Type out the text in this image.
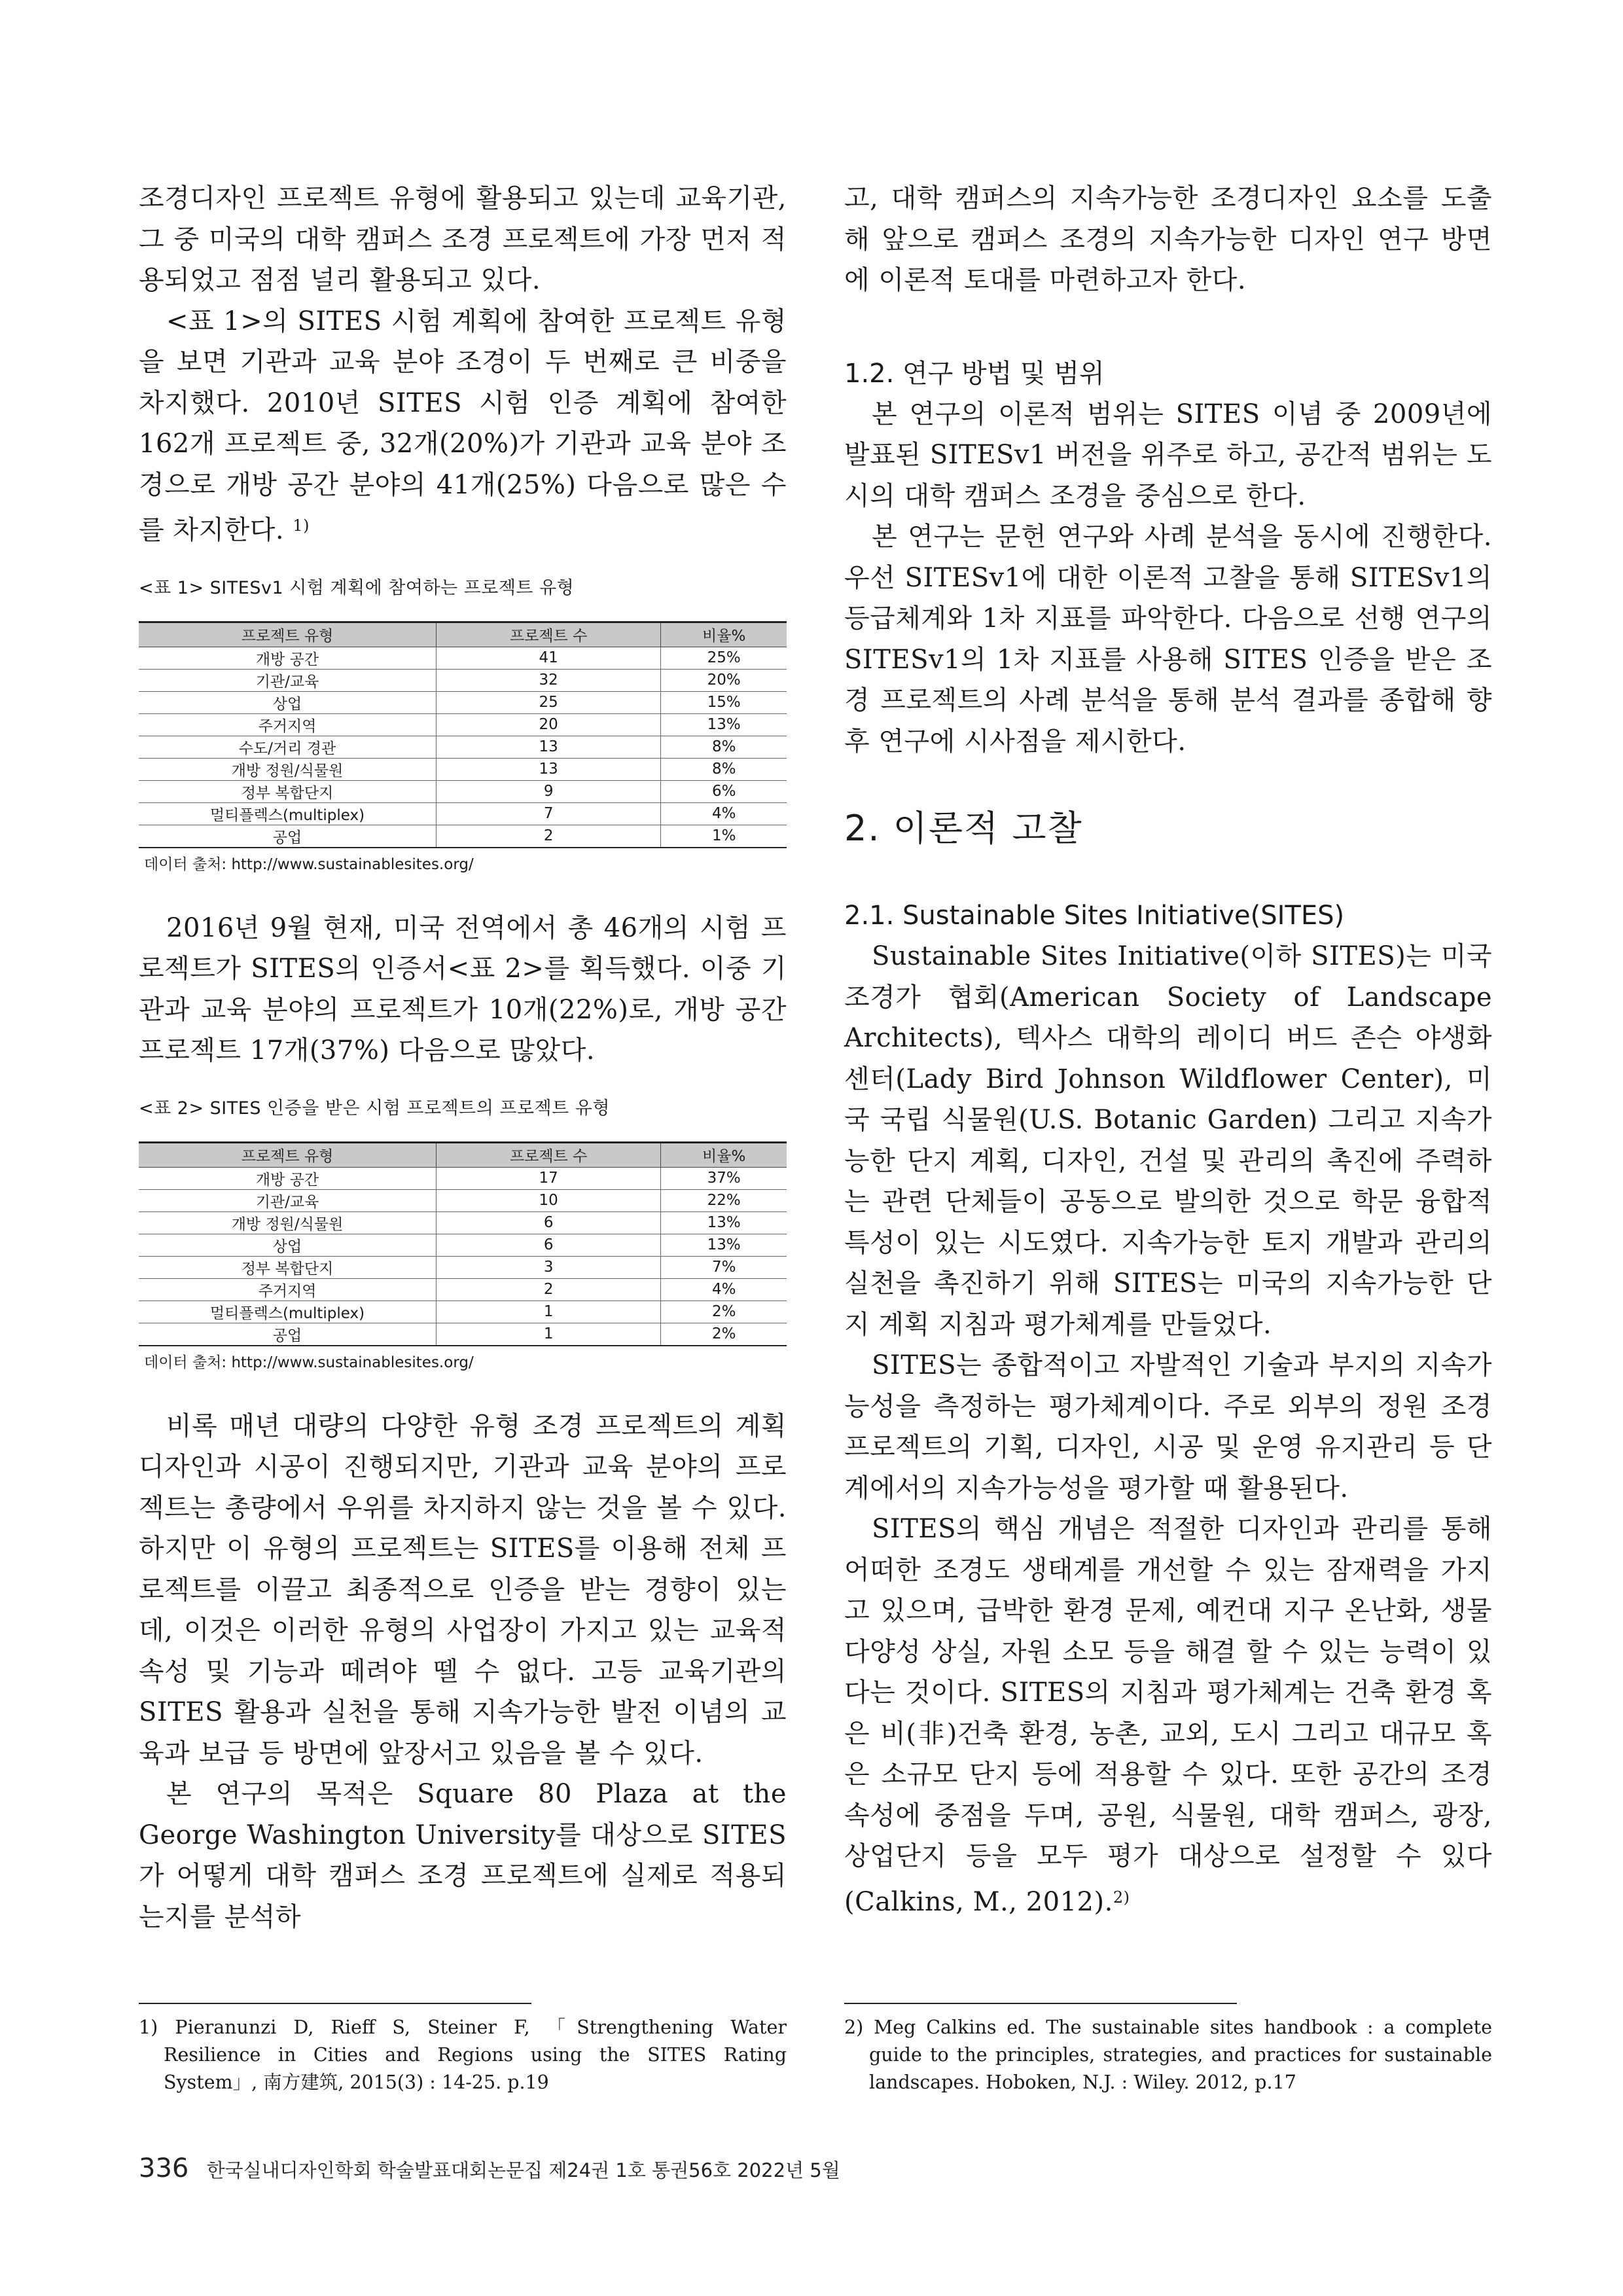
조경디자인 프로젝트 유형에 활용되고 있는데 교육기관, 그 중 미국의 대학 캠퍼스 조경 프로젝트에 가장 먼저 적용되었고 점점 널리 활용되고 있다.

<표 1>의 SITES 시험 계획에 참여한 프로젝트 유형을 보면 기관과 교육 분야 조경이 두 번째로 큰 비중을 차지했다. 2010년 SITES 시험 인증 계획에 참여한 162개 프로젝트 중, 32개(20%)가 기관과 교육 분야 조경으로 개방 공간 분야의 41개(25%) 다음으로 많은 수를 차지한다. $^{1)}$

<표 1> SITESv1 시험 계획에 참여하는 프로젝트 유형
프로젝트 유형	프로젝트 수	비율%
개방 공간	41	25%
기관/교육	32	20%
상업	25	15%
주거지역	20	13%
수도/거리 경관	13	8%
개방 정원/식물원	13	8%
정부 복합단지	9	6%
멀티플렉스(multiplex)	7	4%
공업	2	1%
데이터 출처: http://www.sustainablesites.org/

2016년 9월 현재, 미국 전역에서 총 46개의 시험 프로젝트가 SITES의 인증서<표 2>를 획득했다. 이중 기관과 교육 분야의 프로젝트가 10개(22%)로, 개방 공간 프로젝트 17개(37%) 다음으로 많았다.

<표 2> SITES 인증을 받은 시험 프로젝트의 프로젝트 유형
프로젝트 유형	프로젝트 수	비율%
개방 공간	17	37%
기관/교육	10	22%
개방 정원/식물원	6	13%
상업	6	13%
정부 복합단지	3	7%
주거지역	2	4%
멀티플렉스(multiplex)	1	2%
공업	1	2%
데이터 출처: http://www.sustainablesites.org/

비록 매년 대량의 다양한 유형 조경 프로젝트의 계획 디자인과 시공이 진행되지만, 기관과 교육 분야의 프로젝트는 총량에서 우위를 차지하지 않는 것을 볼 수 있다. 하지만 이 유형의 프로젝트는 SITES를 이용해 전체 프로젝트를 이끌고 최종적으로 인증을 받는 경향이 있는데, 이것은 이러한 유형의 사업장이 가지고 있는 교육적 속성 및 기능과 떼려야 뗄 수 없다. 고등 교육기관의 SITES 활용과 실천을 통해 지속가능한 발전 이념의 교육과 보급 등 방면에 앞장서고 있음을 볼 수 있다.

본 연구의 목적은 Square 80 Plaza at the George Washington University를 대상으로 SITES가 어떻게 대학 캠퍼스 조경 프로젝트에 실제로 적용되는지를 분석하

고, 대학 캠퍼스의 지속가능한 조경디자인 요소를 도출해 앞으로 캠퍼스 조경의 지속가능한 디자인 연구 방면에 이론적 토대를 마련하고자 한다.

1.2. 연구 방법 및 범위

본 연구의 이론적 범위는 SITES 이념 중 2009년에 발표된 SITESv1 버전을 위주로 하고, 공간적 범위는 도시의 대학 캠퍼스 조경을 중심으로 한다.

본 연구는 문헌 연구와 사례 분석을 동시에 진행한다. 우선 SITESv1에 대한 이론적 고찰을 통해 SITESv1의 등급체계와 1차 지표를 파악한다. 다음으로 선행 연구의 SITESv1의 1차 지표를 사용해 SITES 인증을 받은 조경 프로젝트의 사례 분석을 통해 분석 결과를 종합해 향후 연구에 시사점을 제시한다.

2. 이론적 고찰
2.1. Sustainable Sites Initiative(SITES)

Sustainable Sites Initiative(이하 SITES)는 미국 조경가 협회(American Society of Landscape Architects), 텍사스 대학의 레이디 버드 존슨 야생화 센터(Lady Bird Johnson Wildflower Center), 미국 국립 식물원(U.S. Botanic Garden) 그리고 지속가능한 단지 계획, 디자인, 건설 및 관리의 촉진에 주력하는 관련 단체들이 공동으로 발의한 것으로 학문 융합적 특성이 있는 시도였다. 지속가능한 토지 개발과 관리의 실천을 촉진하기 위해 SITES는 미국의 지속가능한 단지 계획 지침과 평가체계를 만들었다.

SITES는 종합적이고 자발적인 기술과 부지의 지속가능성을 측정하는 평가체계이다. 주로 외부의 정원 조경 프로젝트의 기획, 디자인, 시공 및 운영 유지관리 등 단계에서의 지속가능성을 평가할 때 활용된다.

SITES의 핵심 개념은 적절한 디자인과 관리를 통해 어떠한 조경도 생태계를 개선할 수 있는 잠재력을 가지고 있으며, 급박한 환경 문제, 예컨대 지구 온난화, 생물다양성 상실, 자원 소모 등을 해결 할 수 있는 능력이 있다는 것이다. SITES의 지침과 평가체계는 건축 환경 혹은 비(非)건축 환경, 농촌, 교외, 도시 그리고 대규모 혹은 소규모 단지 등에 적용할 수 있다. 또한 공간의 조경 속성에 중점을 두며, 공원, 식물원, 대학 캠퍼스, 광장, 상업단지 등을 모두 평가 대상으로 설정할 수 있다(Calkins, M., 2012).$^{2)}$

1) Pieranunzi D, Rieff S, Steiner F, 「Strengthening Water Resilience in Cities and Regions using the SITES Rating System」, 南方建筑, 2015(3) : 14-25. p.19
2) Meg Calkins ed. The sustainable sites handbook : a complete guide to the principles, strategies, and practices for sustainable landscapes. Hoboken, N.J. : Wiley. 2012, p.17
336 한국실내디자인학회 학술발표대회논문집 제24권 1호 통권56호 2022년 5월
